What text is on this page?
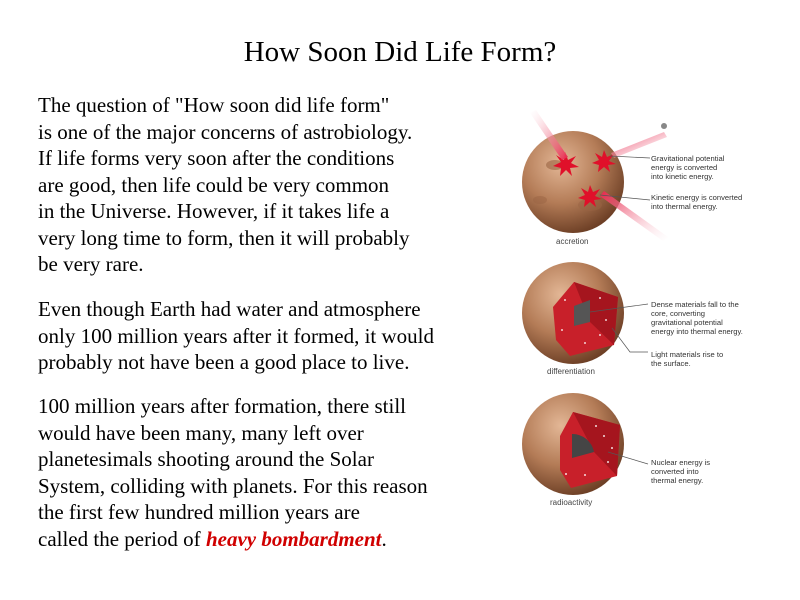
How Soon Did Life Form?
The question of "How soon did life form"
is one of the major concerns of astrobiology.
If life forms very soon after the conditions
are good, then life could be very common
in the Universe. However, if it takes life a
very long time to form, then it will probably
be very rare.
Even though Earth had water and atmosphere
only 100 million years after it formed, it would
probably not have been a good place to live.
100 million years after formation, there still
would have been many, many left over
planetesimals shooting around the Solar
System, colliding with planets. For this reason
the first few hundred million years are
called the period of heavy bombardment.
Gravitational potential
energy is converted
into kinetic energy.
Kinetic energy is converted
into thermal energy.
accretion
Dense materials fall to the
core, converting
gravitational potential
energy into thermal energy.
Light materials rise to
the surface.
differentiation
Nuclear energy is
converted into
thermal energy.
radioactivity
